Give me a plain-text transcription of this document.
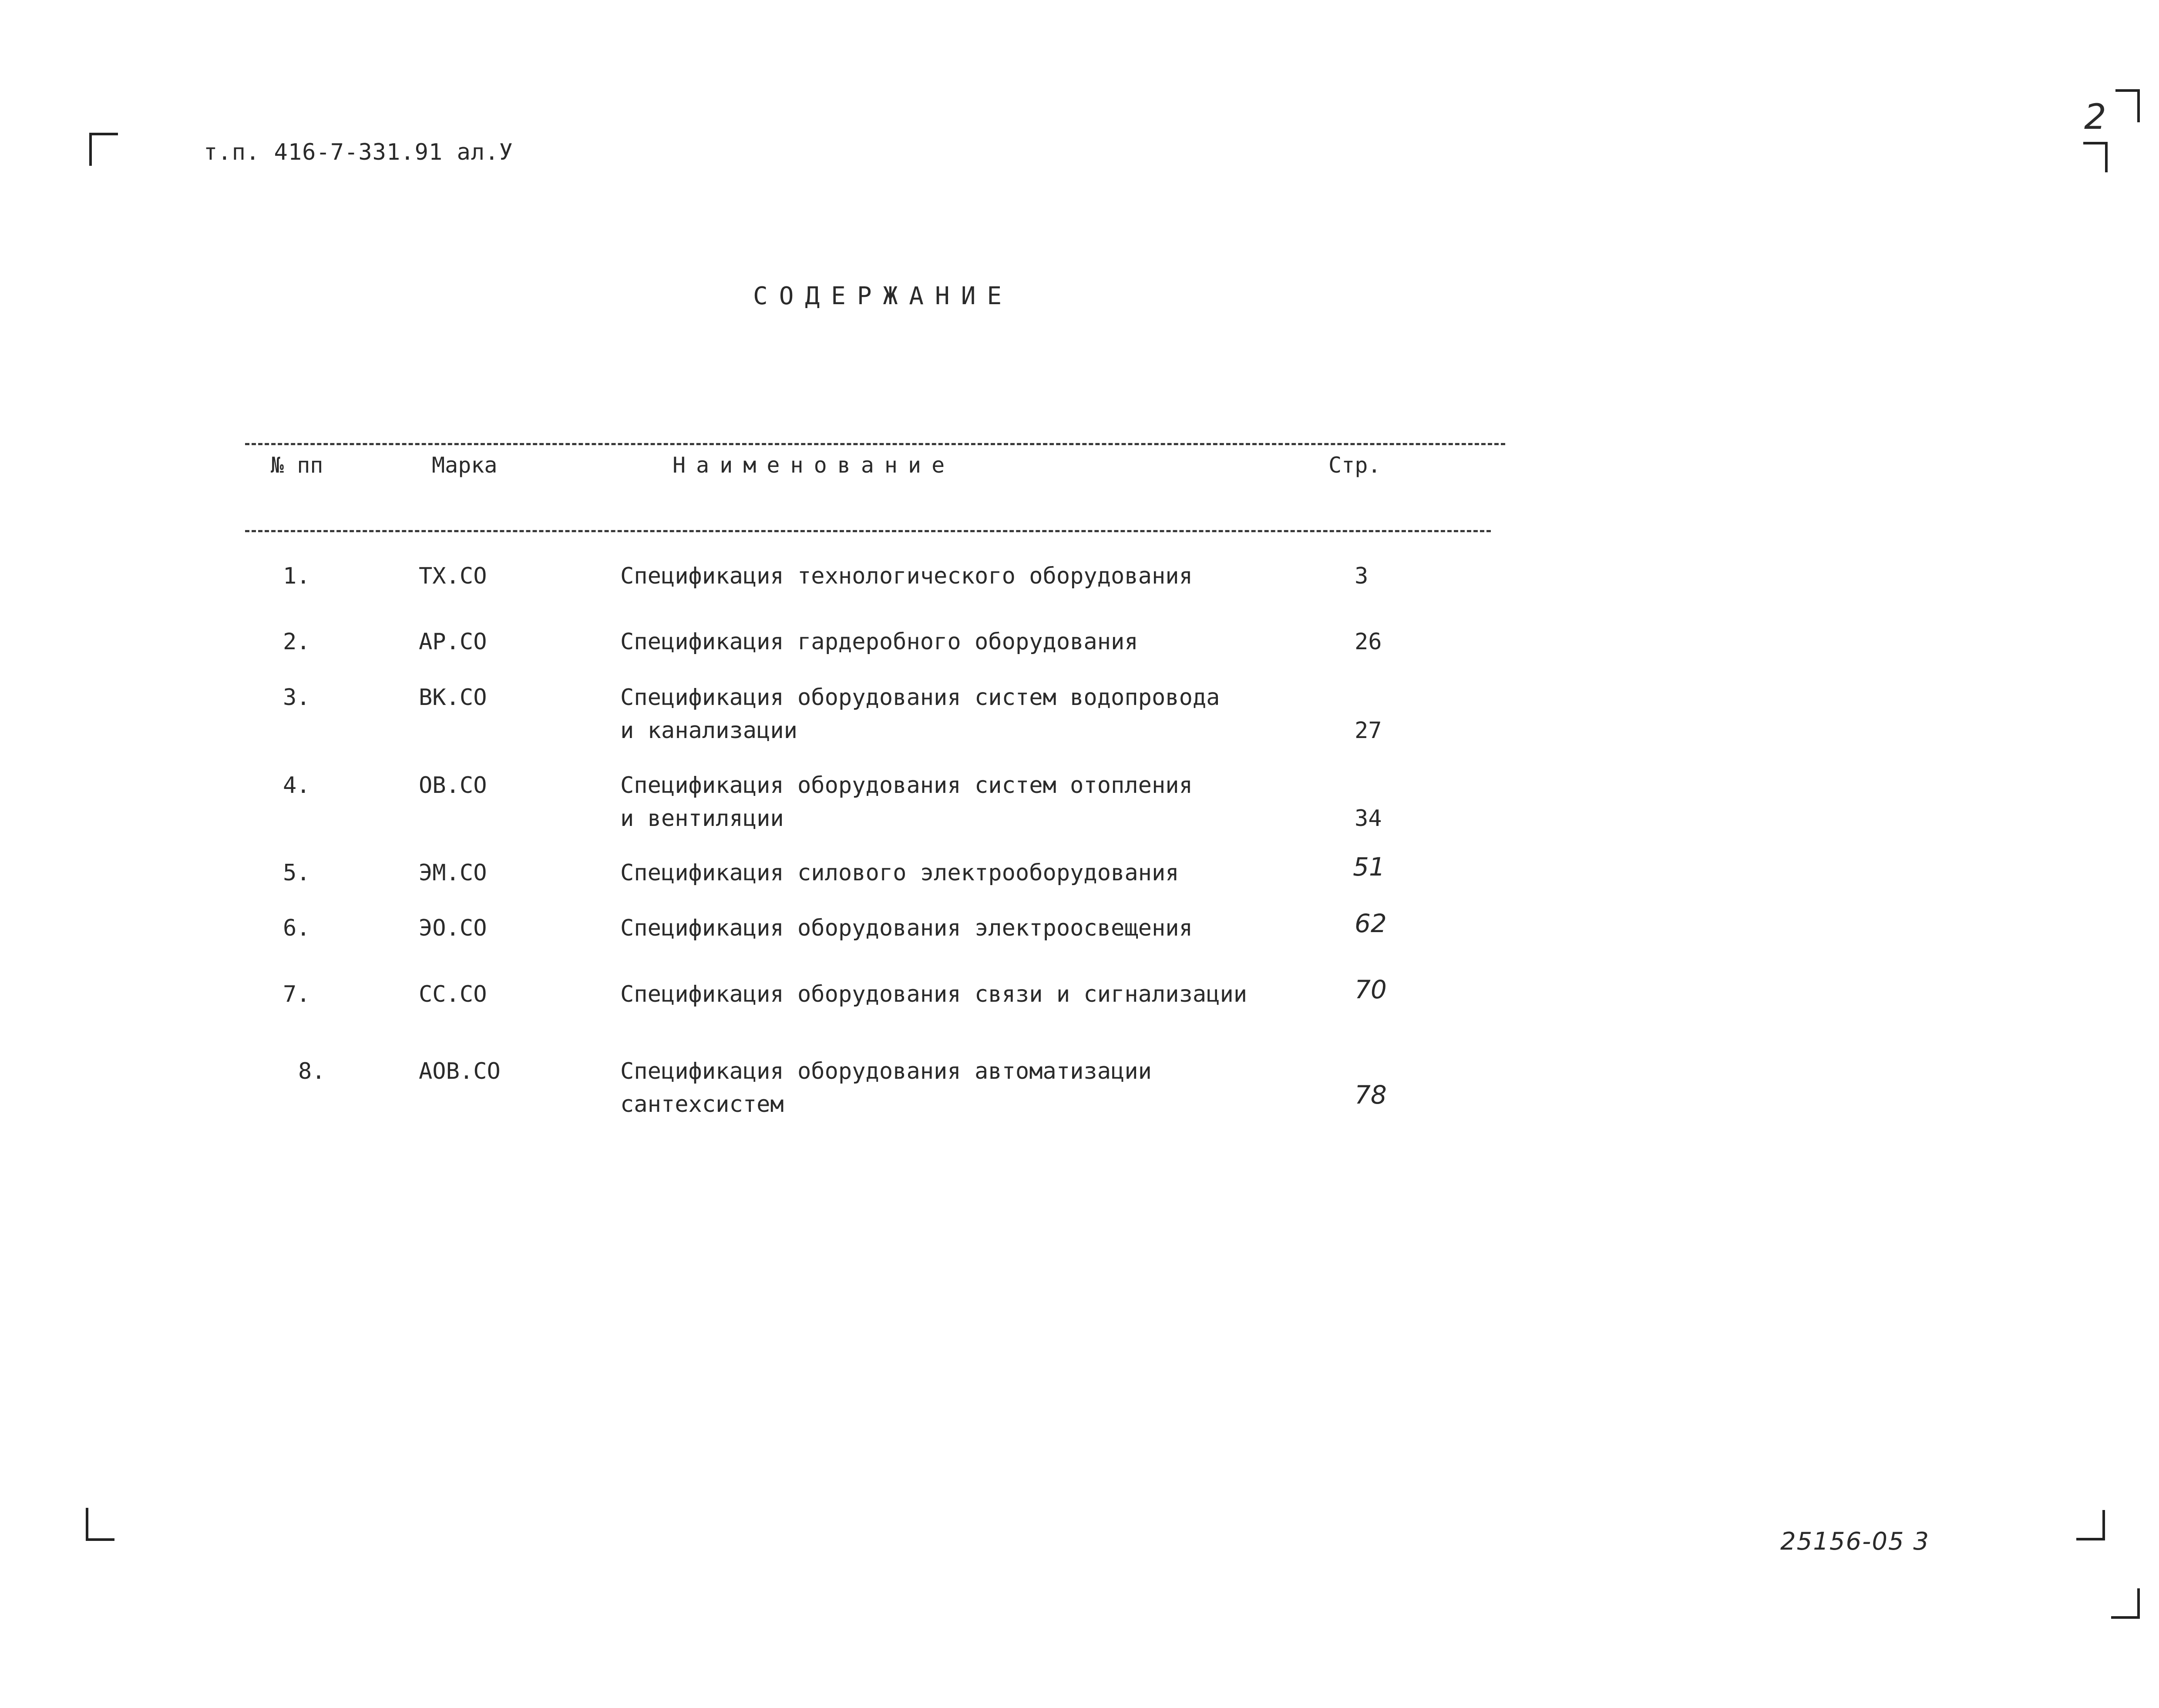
т.п. 416-7-331.91 ал.У
2
СОДЕРЖАНИЕ
№ пп	Марка	Наименование	Стр.
1.	ТХ.СО	Спецификация технологического оборудования	3
2.	АР.СО	Спецификация гардеробного оборудования	26
3.	ВК.СО	Спецификация оборудования систем водопровода
и канализации	27
4.	ОВ.СО	Спецификация оборудования систем отопления
и вентиляции	34
5.	ЭМ.СО	Спецификация силового электрооборудования	51
6.	ЭО.СО	Спецификация оборудования электроосвещения	62
7.	СС.СО	Спецификация оборудования связи и сигнализации	70
8.	АОВ.СО	Спецификация оборудования автоматизации
сантехсистем	78
25156-05 3
